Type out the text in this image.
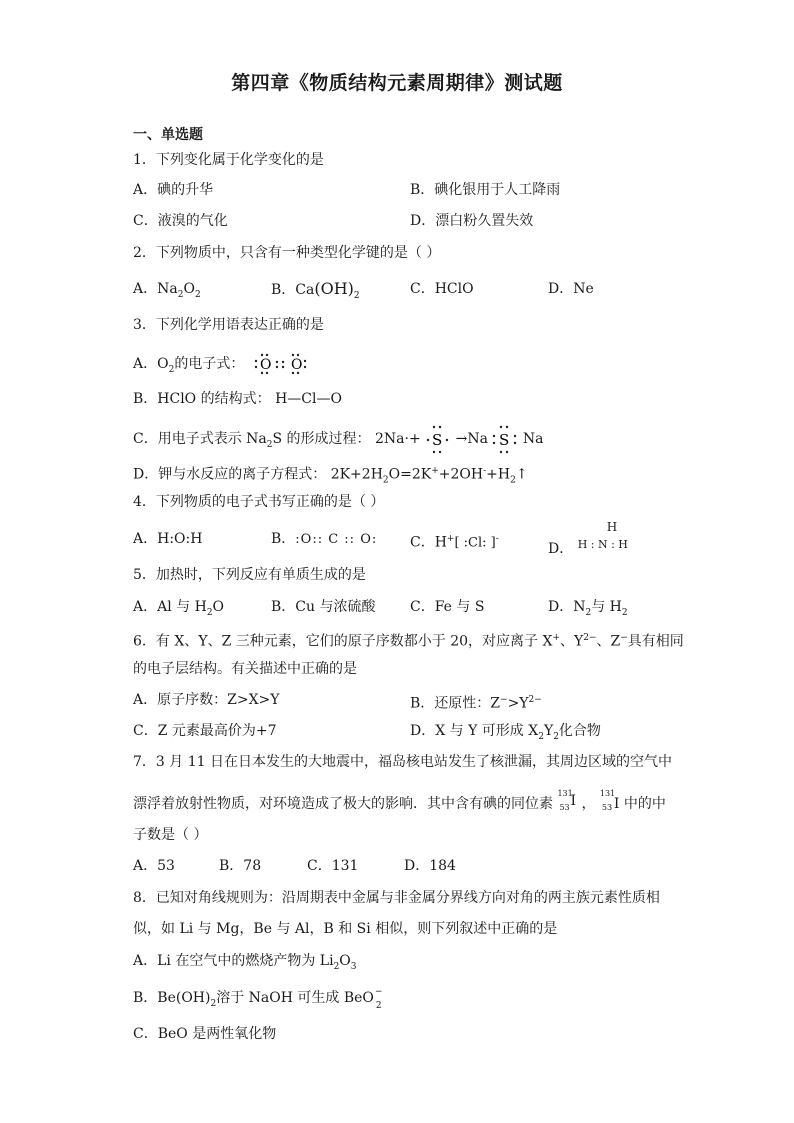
第四章《物质结构元素周期律》测试题
一、单选题
1．下列变化属于化学变化的是
A．碘的升华	B．碘化银用于人工降雨
C．液溴的气化	D．漂白粉久置失效
2．下列物质中，只含有一种类型化学键的是（ ）
A．$Na_2O_2$	B．$Ca(OH)_2$	C．HClO	D．Ne
3．下列化学用语表达正确的是
A．$O_2$的电子式： O O
B．HClO 的结构式： H—Cl—O
C．用电子式表示 $Na_2S$ 的形成过程： 2Na·+ S →Na S Na
D．钾与水反应的离子方程式： $2K+2H_2O=2K^++2OH^-+H_2↑$
4．下列物质的电子式书写正确的是（ ）
A．H:O:H	B．:O:: C :: O: C．H+[ :Cl: ]-
D．
H
H : N : H
5．加热时，下列反应有单质生成的是
A．Al 与 $H_2O$	B．Cu 与浓硫酸 C．Fe 与 S	D．$N_2$与 $H_2$
6．有 X、Y、Z 三种元素，它们的原子序数都小于 20，对应离子 X+、$Y^{2-}$、Z−具有相同
的电子层结构。有关描述中正确的是
A．原子序数：Z>X>Y	B．还原性：$Z^->Y^{2-}$
C．Z 元素最高价为+7	D．X 与 Y 可形成 $X_2Y_2$化合物
7．3 月 11 日在日本发生的大地震中，福岛核电站发生了核泄漏，其周边区域的空气中
漂浮着放射性物质，对环境造成了极大的影响．其中含有碘的同位素
131
53 I ，
131
53 I 中的中
子数是（ ）
A．53	B．78	C．131	D．184
8．已知对角线规则为：沿周期表中金属与非金属分界线方向对角的两主族元素性质相
似，如 Li 与 Mg，Be 与 Al，B 和 Si 相似，则下列叙述中正确的是
A．Li 在空气中的燃烧产物为 $Li_2O_3$
B．$Be(OH)_2$溶于 NaOH 可生成 BeO −
2
C．BeO 是两性氧化物
